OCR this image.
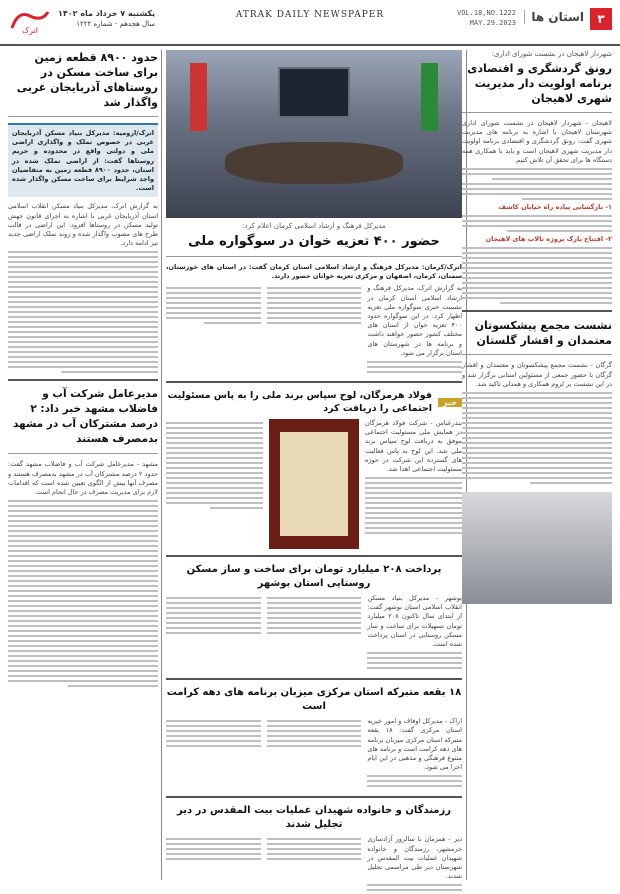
۳
استان ها
VOL.18,NO.1222
MAY.29.2023
ATRAK DAILY NEWSPAPER
یکشنبه ۷ خرداد ماه ۱۴۰۲
سال هجدهم - شماره ۱۲۲۲
اترک

شهردار لاهیجان در نشست شورای اداری:

رونق گردشگری و اقتصادی برنامه اولویت دار مدیریت شهری لاهیجان

لاهیجان - شهردار لاهیجان در نشست شورای اداری شهرستان لاهیجان با اشاره به برنامه های مدیریت شهری گفت: رونق گردشگری و اقتصادی برنامه اولویت دار مدیریت شهری لاهیجان است و باید با همکاری همه دستگاه ها برای تحقق آن تلاش کنیم.

۱- بازگشایی پیاده راه خیابان کاشف

۲- افتتاح پارک پروژه تالاب های لاهیجان

نشست مجمع پیشکسوتان معتمدان و اقشار گلستان

گرگان - نشست مجمع پیشکسوتان و معتمدان و اقشار گرگان با حضور جمعی از مسئولین استانی برگزار شد و در این نشست بر لزوم همکاری و همدلی تاکید شد.

حدود ۸۹۰۰ قطعه زمین برای ساخت مسکن در روستاهای آذربایجان غربی واگذار شد

اترک/ارومیه: مدیرکل بنیاد مسکن آذربایجان غربی در خصوص تملک و واگذاری اراضی ملی و دولتی واقع در محدوده و حریم روستاها گفت: از اراضی تملک شده در استان، حدود ۸۹۰۰ قطعه زمین به متقاضیان واجد شرایط برای ساخت مسکن واگذار شده است.

به گزارش اترک، مدیرکل بنیاد مسکن انقلاب اسلامی استان آذربایجان غربی با اشاره به اجرای قانون جهش تولید مسکن در روستاها افزود: این اراضی در قالب طرح های مصوب واگذار شده و روند تملک اراضی جدید نیز ادامه دارد.

مدیرعامل شرکت آب و فاضلاب مشهد خبر داد: ۲ درصد مشترکان آب در مشهد بدمصرف هستند

مشهد - مدیرعامل شرکت آب و فاضلاب مشهد گفت: حدود ۲ درصد مشترکان آب در مشهد بدمصرف هستند و مصرف آنها بیش از الگوی تعیین شده است که اقدامات لازم برای مدیریت مصرف در حال انجام است.

مدیرکل فرهنگ و ارشاد اسلامی کرمان اعلام کرد:

حضور ۴۰۰ تعزیه خوان در سوگواره ملی

اترک/کرمان: مدیرکل فرهنگ و ارشاد اسلامی استان کرمان گفت: در استان های خوزستان، سمنان، کرمان، اصفهان و مرکزی تعزیه خوانان حضور دارند.

به گزارش اترک، مدیرکل فرهنگ و ارشاد اسلامی استان کرمان در نشست خبری سوگواره ملی تعزیه اظهار کرد: در این سوگواره حدود ۴۰۰ تعزیه خوان از استان های مختلف کشور حضور خواهند داشت و برنامه ها در شهرستان های استان برگزار می شود.

خبر
فولاد هرمزگان، لوح سپاس برند ملی را به پاس مسئولیت اجتماعی را دریافت کرد

بندرعباس - شرکت فولاد هرمزگان در همایش ملی مسئولیت اجتماعی موفق به دریافت لوح سپاس برند ملی شد. این لوح به پاس فعالیت های گسترده این شرکت در حوزه مسئولیت اجتماعی اهدا شد.

پرداخت ۲۰۸ میلیارد تومان برای ساخت و ساز مسکن روستایی استان بوشهر

بوشهر - مدیرکل بنیاد مسکن انقلاب اسلامی استان بوشهر گفت: از ابتدای سال تاکنون ۲۰۸ میلیارد تومان تسهیلات برای ساخت و ساز مسکن روستایی در استان پرداخت شده است.

۱۸ بقعه متبرکه استان مرکزی میزبان برنامه های دهه کرامت است

اراک - مدیرکل اوقاف و امور خیریه استان مرکزی گفت: ۱۸ بقعه متبرکه استان مرکزی میزبان برنامه های دهه کرامت است و برنامه های متنوع فرهنگی و مذهبی در این ایام اجرا می شود.

رزمندگان و خانواده شهیدان عملیات بیت المقدس در دیر تجلیل شدند

دیر - همزمان با سالروز آزادسازی خرمشهر، رزمندگان و خانواده شهیدان عملیات بیت المقدس در شهرستان دیر طی مراسمی تجلیل شدند.
